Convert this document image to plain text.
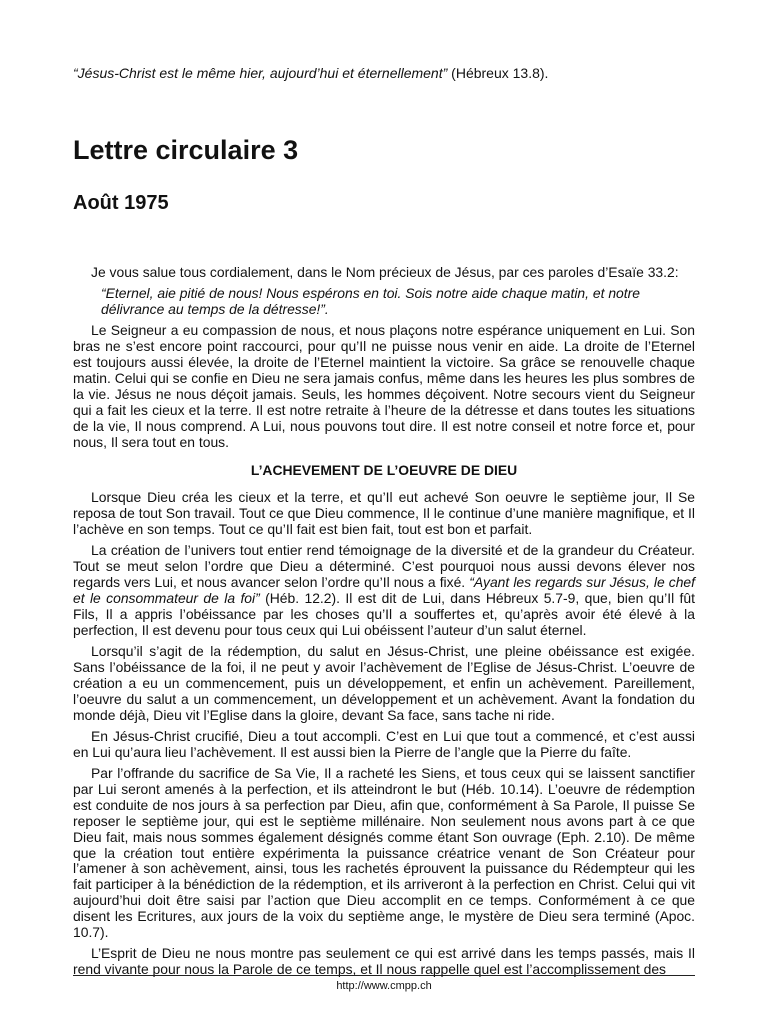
“Jésus-Christ est le même hier, aujourd’hui et éternellement” (Hébreux 13.8).
Lettre circulaire 3
Août 1975

Je vous salue tous cordialement, dans le Nom précieux de Jésus, par ces paroles d’Esaïe 33.2:

“Eternel, aie pitié de nous! Nous espérons en toi. Sois notre aide chaque matin, et notre délivrance au temps de la détresse!”.

Le Seigneur a eu compassion de nous, et nous plaçons notre espérance uniquement en Lui. Son bras ne s’est encore point raccourci, pour qu’Il ne puisse nous venir en aide. La droite de l’Eternel est toujours aussi élevée, la droite de l’Eternel maintient la victoire. Sa grâce se renouvelle chaque matin. Celui qui se confie en Dieu ne sera jamais confus, même dans les heures les plus sombres de la vie. Jésus ne nous déçoit jamais. Seuls, les hommes déçoivent. Notre secours vient du Seigneur qui a fait les cieux et la terre. Il est notre retraite à l’heure de la détresse et dans toutes les situations de la vie, Il nous comprend. A Lui, nous pouvons tout dire. Il est notre conseil et notre force et, pour nous, Il sera tout en tous.

L’ACHEVEMENT DE L’OEUVRE DE DIEU

Lorsque Dieu créa les cieux et la terre, et qu’Il eut achevé Son oeuvre le septième jour, Il Se reposa de tout Son travail. Tout ce que Dieu commence, Il le continue d’une manière magnifique, et Il l’achève en son temps. Tout ce qu’Il fait est bien fait, tout est bon et parfait.

La création de l’univers tout entier rend témoignage de la diversité et de la grandeur du Créateur. Tout se meut selon l’ordre que Dieu a déterminé. C’est pourquoi nous aussi devons élever nos regards vers Lui, et nous avancer selon l’ordre qu’Il nous a fixé. “Ayant les regards sur Jésus, le chef et le consommateur de la foi” (Héb. 12.2). Il est dit de Lui, dans Hébreux 5.7-9, que, bien qu’Il fût Fils, Il a appris l’obéissance par les choses qu’Il a souffertes et, qu’après avoir été élevé à la perfection, Il est devenu pour tous ceux qui Lui obéissent l’auteur d’un salut éternel.

Lorsqu’il s’agit de la rédemption, du salut en Jésus-Christ, une pleine obéissance est exigée. Sans l’obéissance de la foi, il ne peut y avoir l’achèvement de l’Eglise de Jésus-Christ. L’oeuvre de création a eu un commencement, puis un développement, et enfin un achèvement. Pareillement, l’oeuvre du salut a un commencement, un développement et un achèvement. Avant la fondation du monde déjà, Dieu vit l’Eglise dans la gloire, devant Sa face, sans tache ni ride.

En Jésus-Christ crucifié, Dieu a tout accompli. C’est en Lui que tout a commencé, et c’est aussi en Lui qu’aura lieu l’achèvement. Il est aussi bien la Pierre de l’angle que la Pierre du faîte.

Par l’offrande du sacrifice de Sa Vie, Il a racheté les Siens, et tous ceux qui se laissent sanctifier par Lui seront amenés à la perfection, et ils atteindront le but (Héb. 10.14). L’oeuvre de rédemption est conduite de nos jours à sa perfection par Dieu, afin que, conformément à Sa Parole, Il puisse Se reposer le septième jour, qui est le septième millénaire. Non seulement nous avons part à ce que Dieu fait, mais nous sommes également désignés comme étant Son ouvrage (Eph. 2.10). De même que la création tout entière expérimenta la puissance créatrice venant de Son Créateur pour l’amener à son achèvement, ainsi, tous les rachetés éprouvent la puissance du Rédempteur qui les fait participer à la bénédiction de la rédemption, et ils arriveront à la perfection en Christ. Celui qui vit aujourd’hui doit être saisi par l’action que Dieu accomplit en ce temps. Conformément à ce que disent les Ecritures, aux jours de la voix du septième ange, le mystère de Dieu sera terminé (Apoc. 10.7).

L’Esprit de Dieu ne nous montre pas seulement ce qui est arrivé dans les temps passés, mais Il rend vivante pour nous la Parole de ce temps, et Il nous rappelle quel est l’accomplissement des

http://www.cmpp.ch
